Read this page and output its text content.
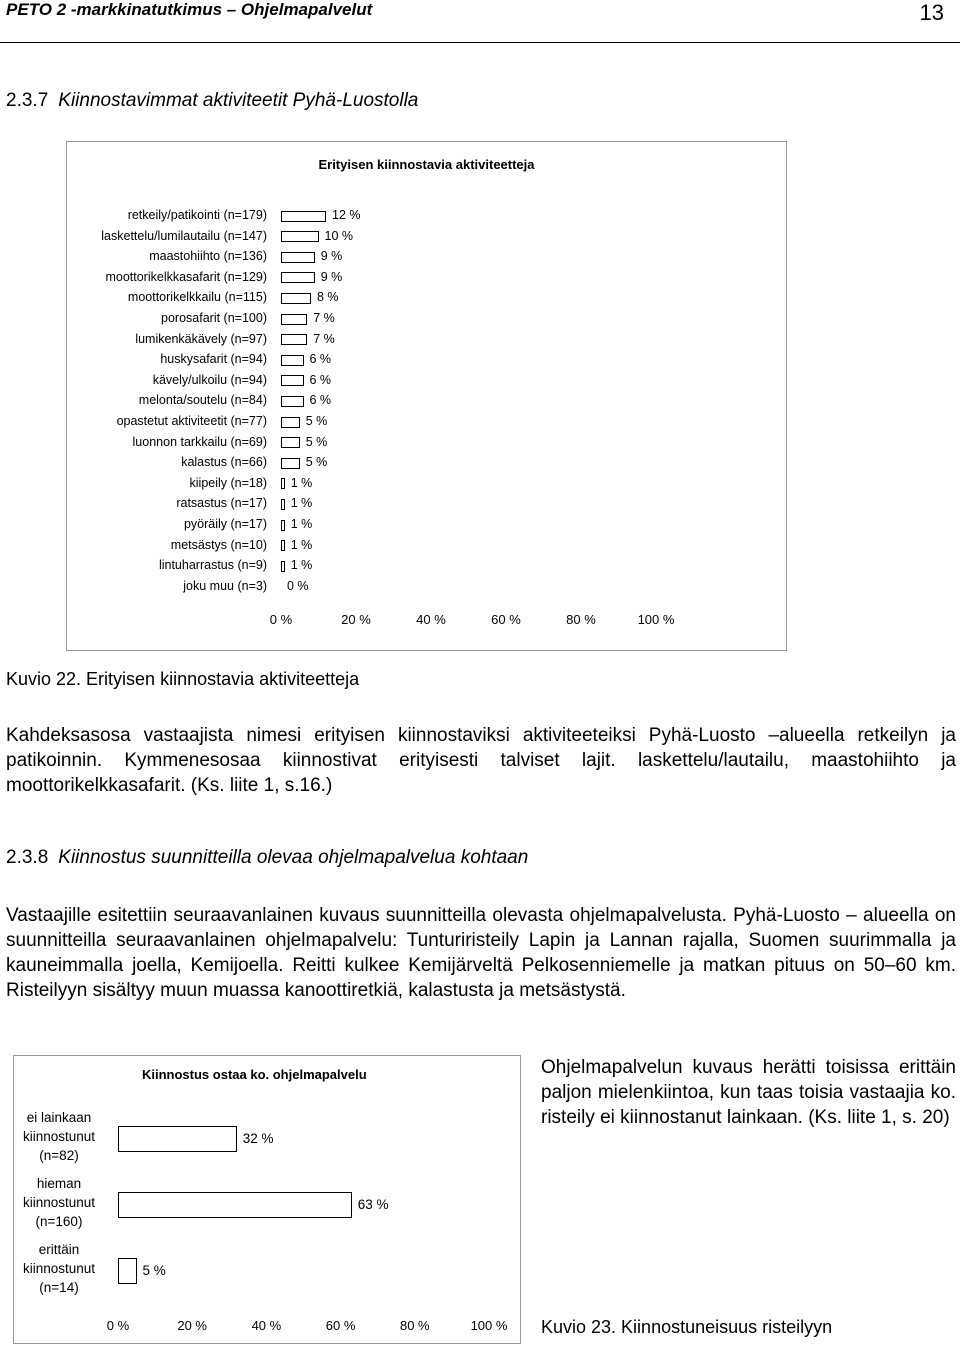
PETO 2 -markkinatutkimus – Ohjelmapalvelut	13
2.3.7 Kiinnostavimmat aktiviteetit Pyhä-Luostolla
Erityisen kiinnostavia aktiviteetteja
retkeily/patikointi (n=179)	12 %
laskettelu/lumilautailu (n=147)	10 %
maastohiihto (n=136)	9 %
moottorikelkkasafarit (n=129)	9 %
moottorikelkkailu (n=115)	8 %
porosafarit (n=100)	7 %
lumikenkäkävely (n=97)	7 %
huskysafarit (n=94)	6 %
kävely/ulkoilu (n=94)	6 %
melonta/soutelu (n=84)	6 %
opastetut aktiviteetit (n=77)	5 %
luonnon tarkkailu (n=69)	5 %
kalastus (n=66)	5 %
kiipeily (n=18) 1 %
ratsastus (n=17) 1 %
pyöräily (n=17) 1 %
metsästys (n=10) 1 %
lintuharrastus (n=9) 1 %
joku muu (n=3) 0 %
0 %	20 %	40 %	60 %	80 %	100 %
Kuvio 22. Erityisen kiinnostavia aktiviteetteja
Kahdeksasosa vastaajista nimesi erityisen kiinnostaviksi aktiviteeteiksi Pyhä-Luosto –alueella retkeilyn ja patikoinnin. Kymmenesosaa kiinnostivat erityisesti talviset lajit. laskettelu/lautailu, maastohiihto ja moottorikelkkasafarit. (Ks. liite 1, s.16.)
2.3.8 Kiinnostus suunnitteilla olevaa ohjelmapalvelua kohtaan
Vastaajille esitettiin seuraavanlainen kuvaus suunnitteilla olevasta ohjelmapalvelusta. Pyhä-Luosto – alueella on suunnitteilla seuraavanlainen ohjelmapalvelu: Tunturiristeily Lapin ja Lannan rajalla, Suomen suurimmalla ja kauneimmalla joella, Kemijoella. Reitti kulkee Kemijärveltä Pelkosenniemelle ja matkan pituus on 50–60 km. Risteilyyn sisältyy muun muassa kanoottiretkiä, kalastusta ja metsästystä.
Kiinnostus ostaa ko. ohjelmapalvelu
ei lainkaan
kiinnostunut
(n=82)
32 %
hieman
kiinnostunut
(n=160)
63 %
erittäin
kiinnostunut
(n=14)
5 %
0 %	20 %	40 %	60 %	80 %	100 %
Ohjelmapalvelun kuvaus herätti toisissa erittäin paljon mielenkiintoa, kun taas toisia vastaajia ko. risteily ei kiinnostanut lainkaan. (Ks. liite 1, s. 20)
Kuvio 23. Kiinnostuneisuus risteilyyn
